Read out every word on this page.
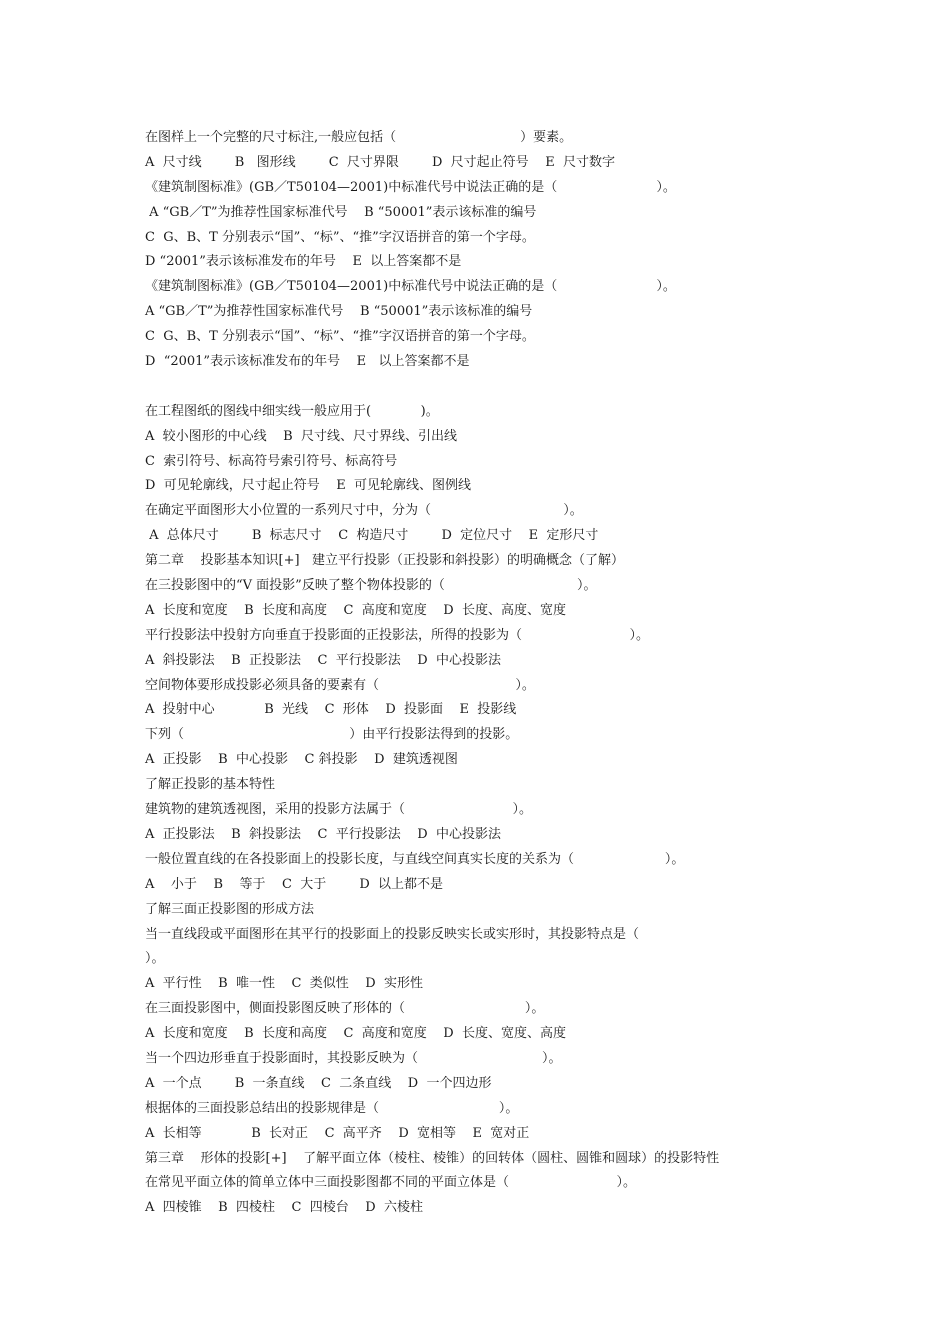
在图样上一个完整的尺寸标注,一般应包括（                              ）要素。
A  尺寸线        B   图形线        C  尺寸界限        D  尺寸起止符号    E  尺寸数字
《建筑制图标准》(GB／T50104—2001)中标准代号中说法正确的是（                        ）。
A “GB／T”为推荐性国家标准代号    B “50001”表示该标准的编号
C  G、B、T 分别表示“国”、“标”、“推”字汉语拼音的第一个字母。
D “2001”表示该标准发布的年号    E  以上答案都不是
《建筑制图标准》(GB／T50104—2001)中标准代号中说法正确的是（                        ）。
A “GB／T”为推荐性国家标准代号    B “50001”表示该标准的编号
C  G、B、T 分别表示“国”、“标”、“推”字汉语拼音的第一个字母。
D  “2001”表示该标准发布的年号    E   以上答案都不是
在工程图纸的图线中细实线一般应用于(            )。
A  较小图形的中心线    B  尺寸线、尺寸界线、引出线
C  索引符号、标高符号索引符号、标高符号
D  可见轮廓线，尺寸起止符号    E  可见轮廓线、图例线
在确定平面图形大小位置的一系列尺寸中，分为（                                ）。
A  总体尺寸        B  标志尺寸    C  构造尺寸        D  定位尺寸    E  定形尺寸
第二章    投影基本知识[+]   建立平行投影（正投影和斜投影）的明确概念（了解）
在三投影图中的“V 面投影”反映了整个物体投影的（                                ）。
A  长度和宽度    B  长度和高度    C  高度和宽度    D  长度、高度、宽度
平行投影法中投射方向垂直于投影面的正投影法，所得的投影为（                          ）。
A  斜投影法    B  正投影法    C  平行投影法    D  中心投影法
空间物体要形成投影必须具备的要素有（                                 ）。
A  投射中心            B  光线    C  形体    D  投影面    E  投影线
下列（                                        ）由平行投影法得到的投影。
A  正投影    B  中心投影    C 斜投影    D  建筑透视图
了解正投影的基本特性
建筑物的建筑透视图，采用的投影方法属于（                          ）。
A  正投影法    B  斜投影法    C  平行投影法    D  中心投影法
一般位置直线的在各投影面上的投影长度，与直线空间真实长度的关系为（                      ）。
A    小于    B    等于    C  大于        D  以上都不是
了解三面正投影图的形成方法
当一直线段或平面图形在其平行的投影面上的投影反映实长或实形时，其投影特点是（
）。
A  平行性    B  唯一性    C  类似性    D  实形性
在三面投影图中，侧面投影图反映了形体的（                             ）。
A  长度和宽度    B  长度和高度    C  高度和宽度    D  长度、宽度、高度
当一个四边形垂直于投影面时，其投影反映为（                              ）。
A  一个点        B  一条直线    C  二条直线    D  一个四边形
根据体的三面投影总结出的投影规律是（                             ）。
A  长相等            B  长对正    C  高平齐    D  宽相等    E  宽对正
第三章    形体的投影[+]    了解平面立体（棱柱、棱锥）的回转体（圆柱、圆锥和圆球）的投影特性
在常见平面立体的简单立体中三面投影图都不同的平面立体是（                          ）。
A  四棱锥    B  四棱柱    C  四棱台    D  六棱柱
